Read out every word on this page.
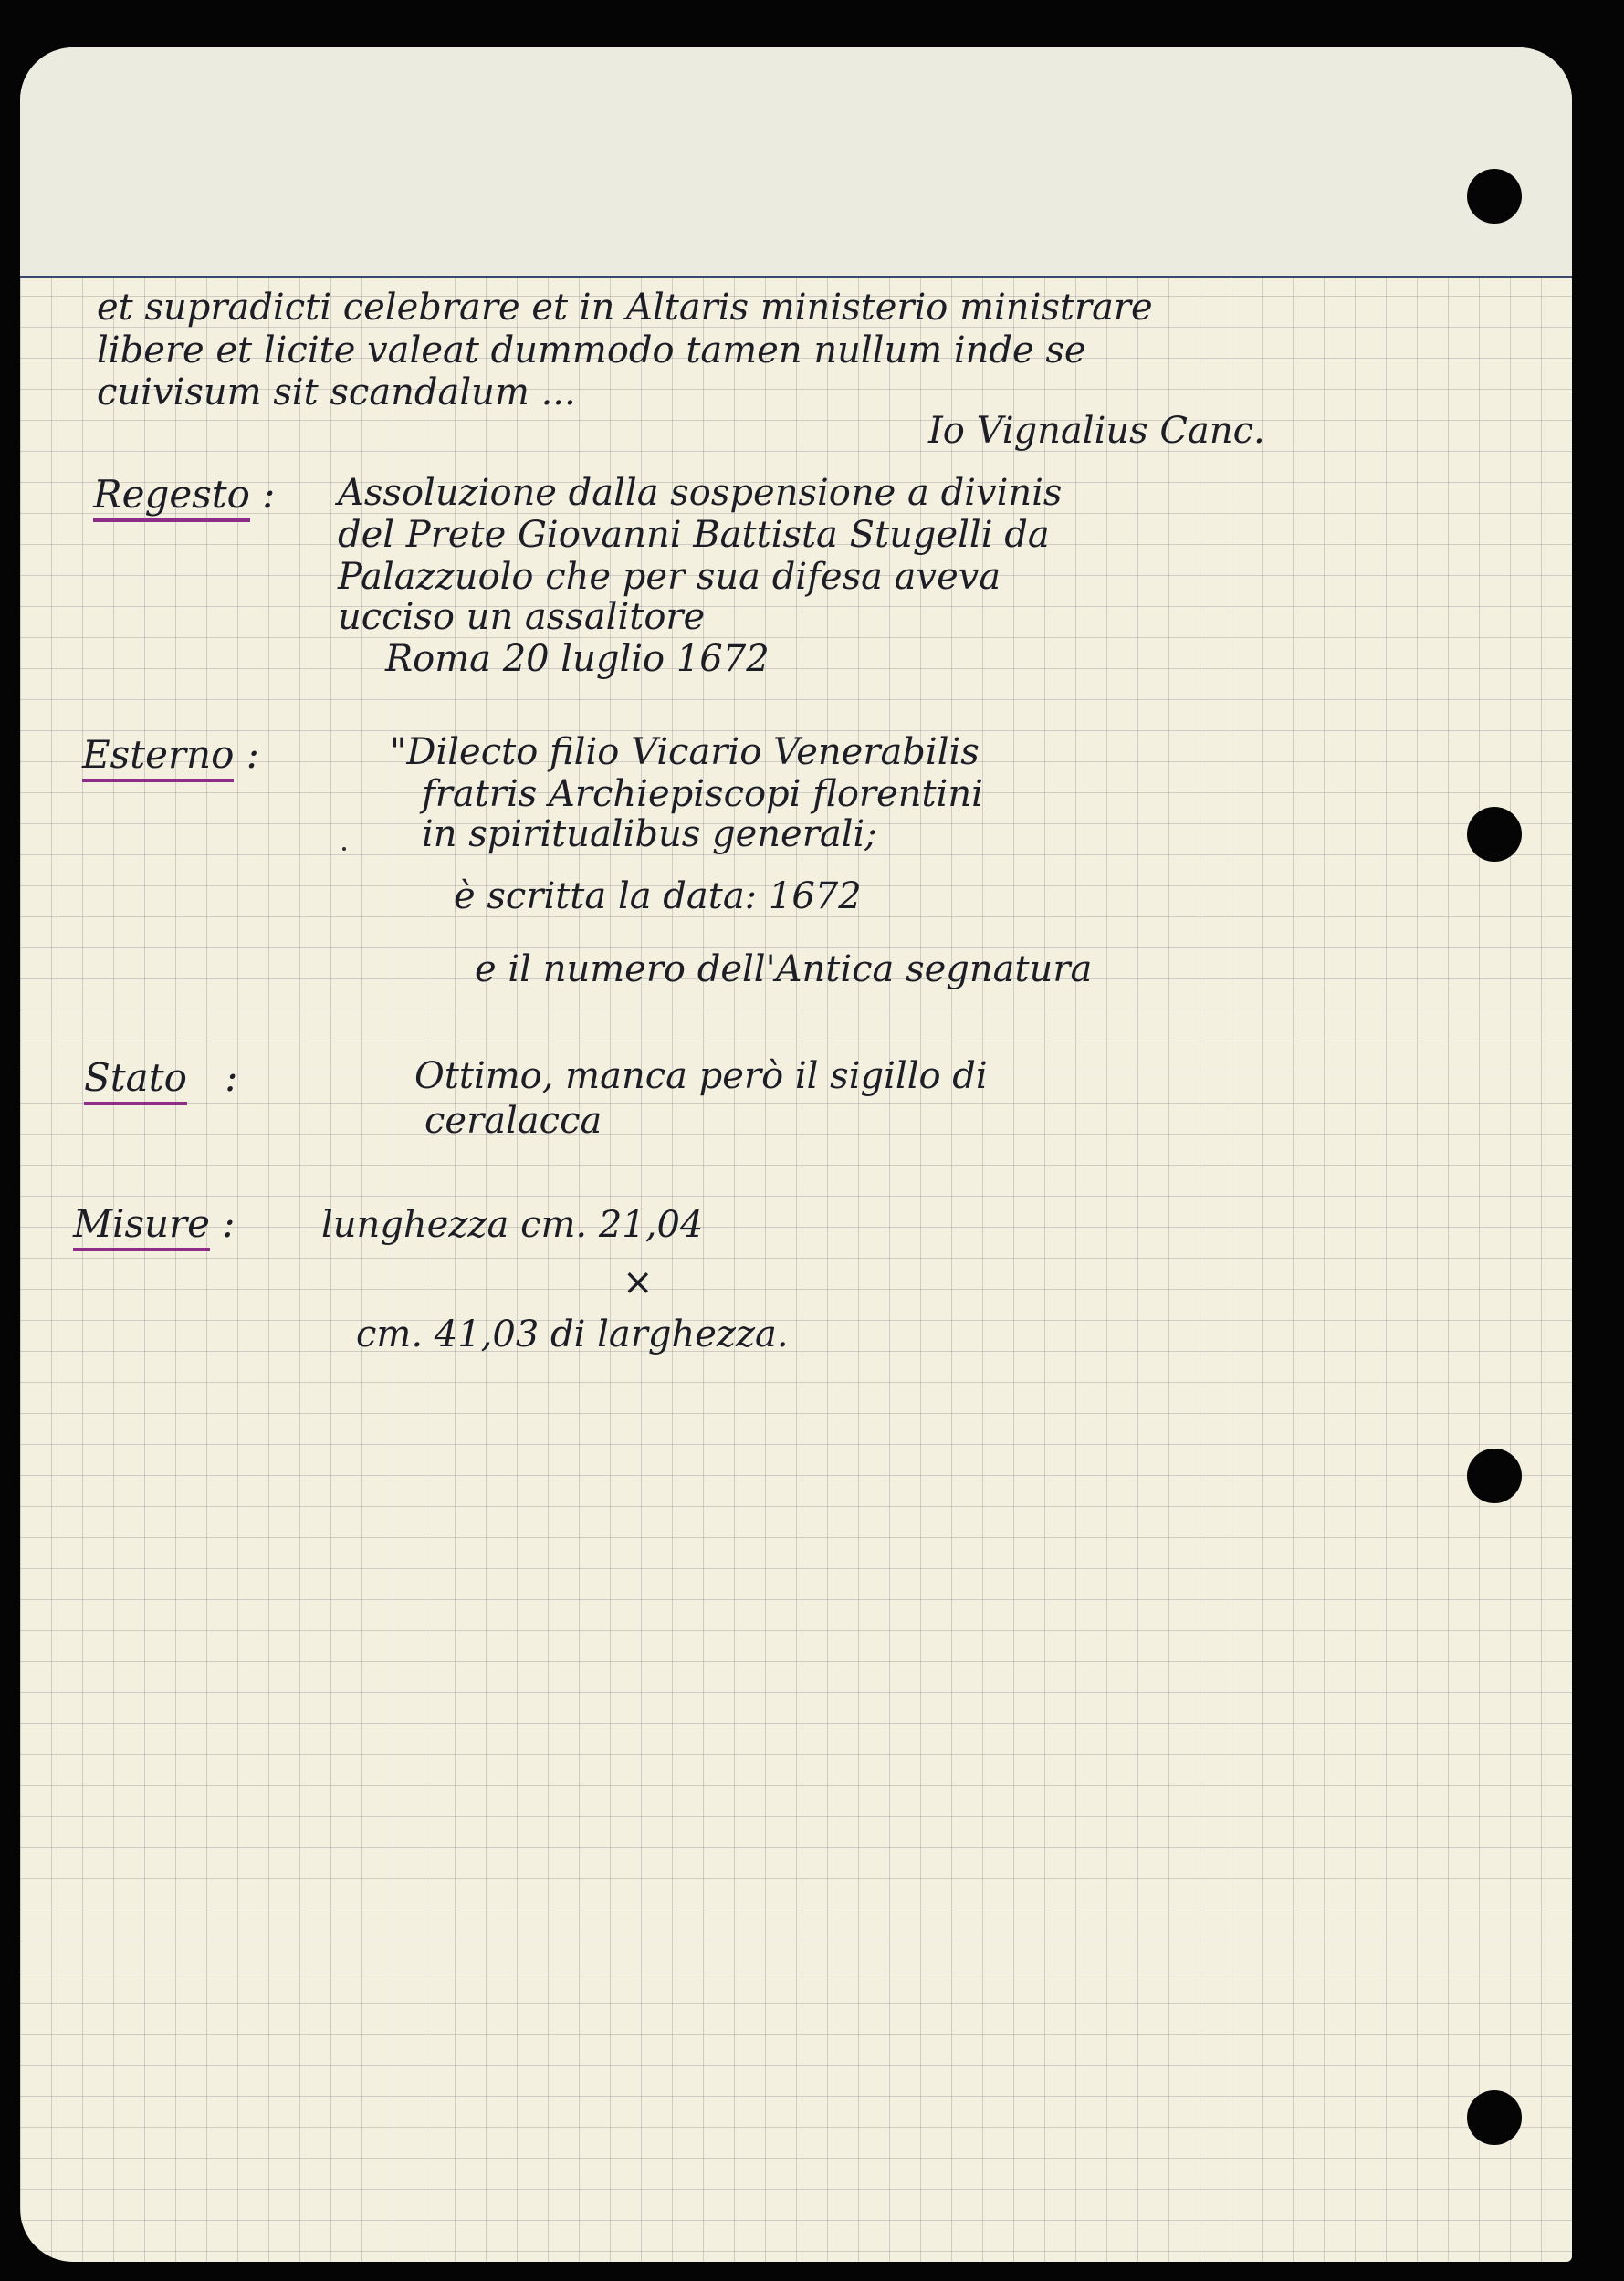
et supradicti celebrare et in Altaris ministerio ministrare
libere et licite valeat dummodo tamen nullum inde se
cuivisum sit scandalum ...
Io Vignalius Canc.
Regesto : Assoluzione dalla sospensione a divinis
del Prete Giovanni Battista Stugelli da
Palazzuolo che per sua difesa aveva
ucciso un assalitore
Roma 20 luglio 1672
Esterno :	"Dilecto filio Vicario Venerabilis
fratris Archiepiscopi florentini
in spiritualibus generali;
è scritta la data: 1672
e il numero dell'Antica segnatura
Stato :	Ottimo, manca però il sigillo di
ceralacca
Misure : lunghezza cm. 21,04
×
cm. 41,03 di larghezza.
